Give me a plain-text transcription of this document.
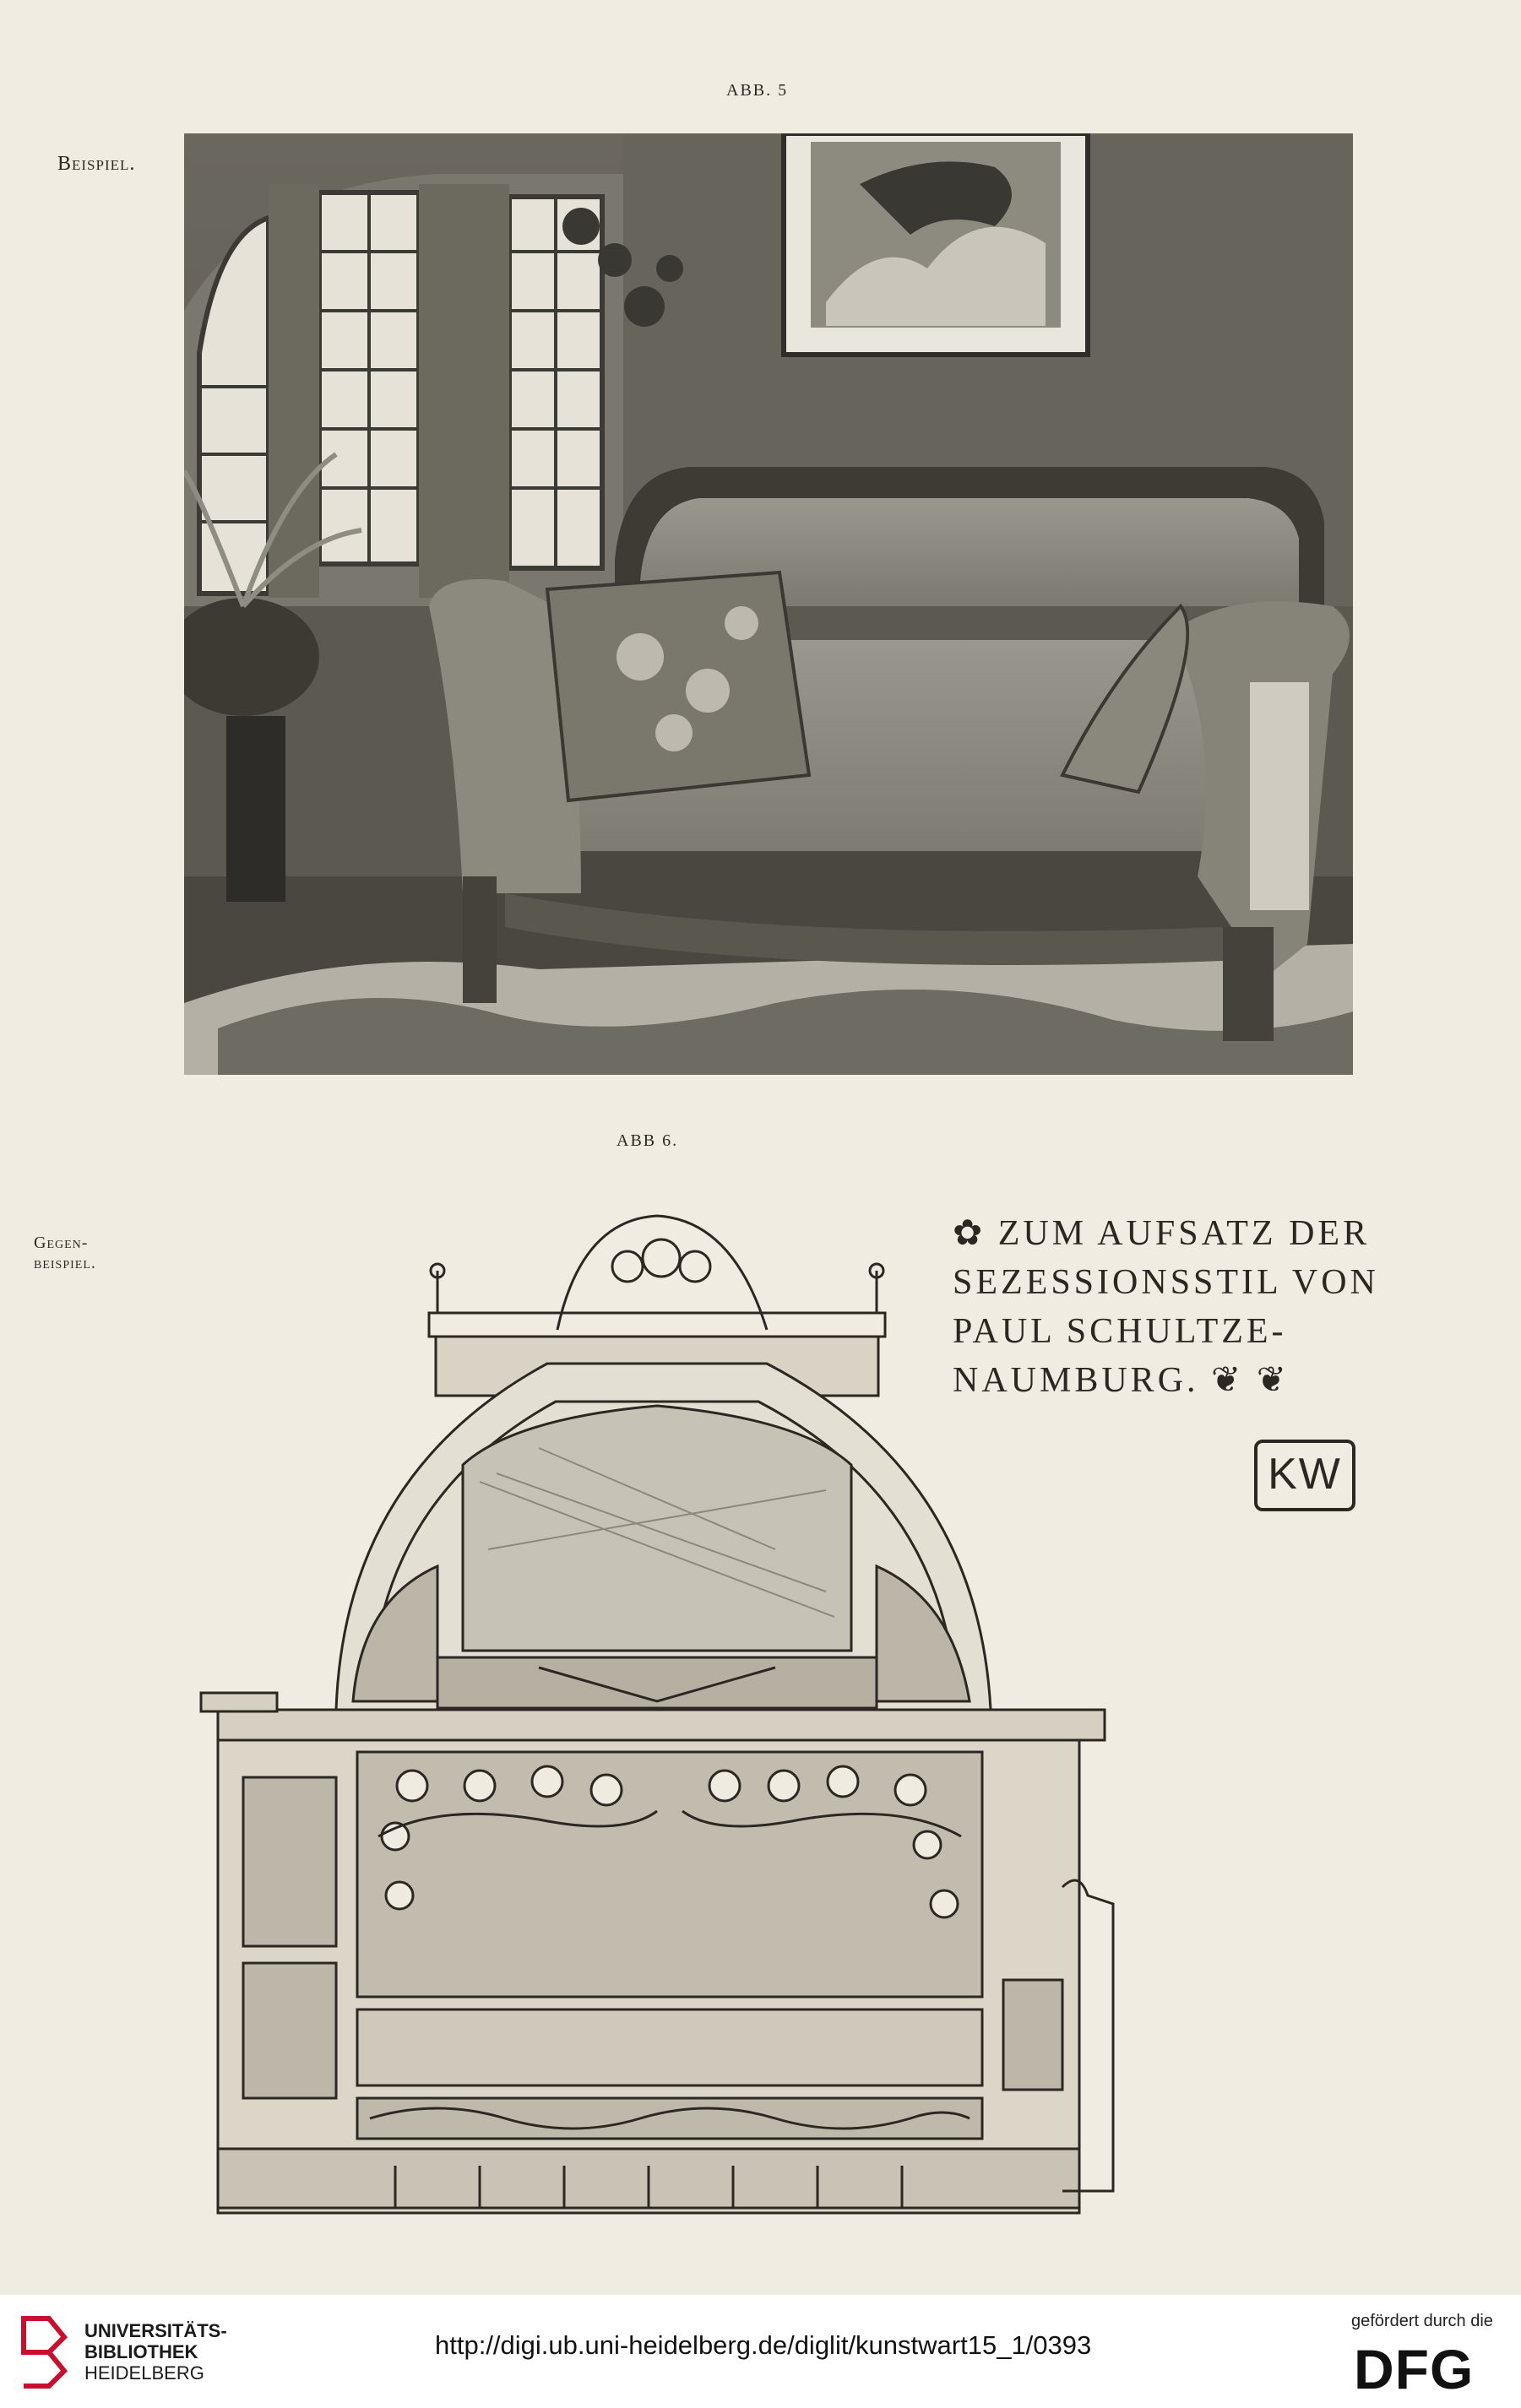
ABB. 5
Beispiel.
ABB 6.
Gegen-
beispiel.
✿ ZUM AUFSATZ DER
SEZESSIONSSTIL VON
PAUL SCHULTZE-
NAUMBURG. ❦ ❦
KW
UNIVERSITÄTS-
BIBLIOTHEK
HEIDELBERG
http://digi.ub.uni-heidelberg.de/diglit/kunstwart15_1/0393
gefördert durch die
DFG
